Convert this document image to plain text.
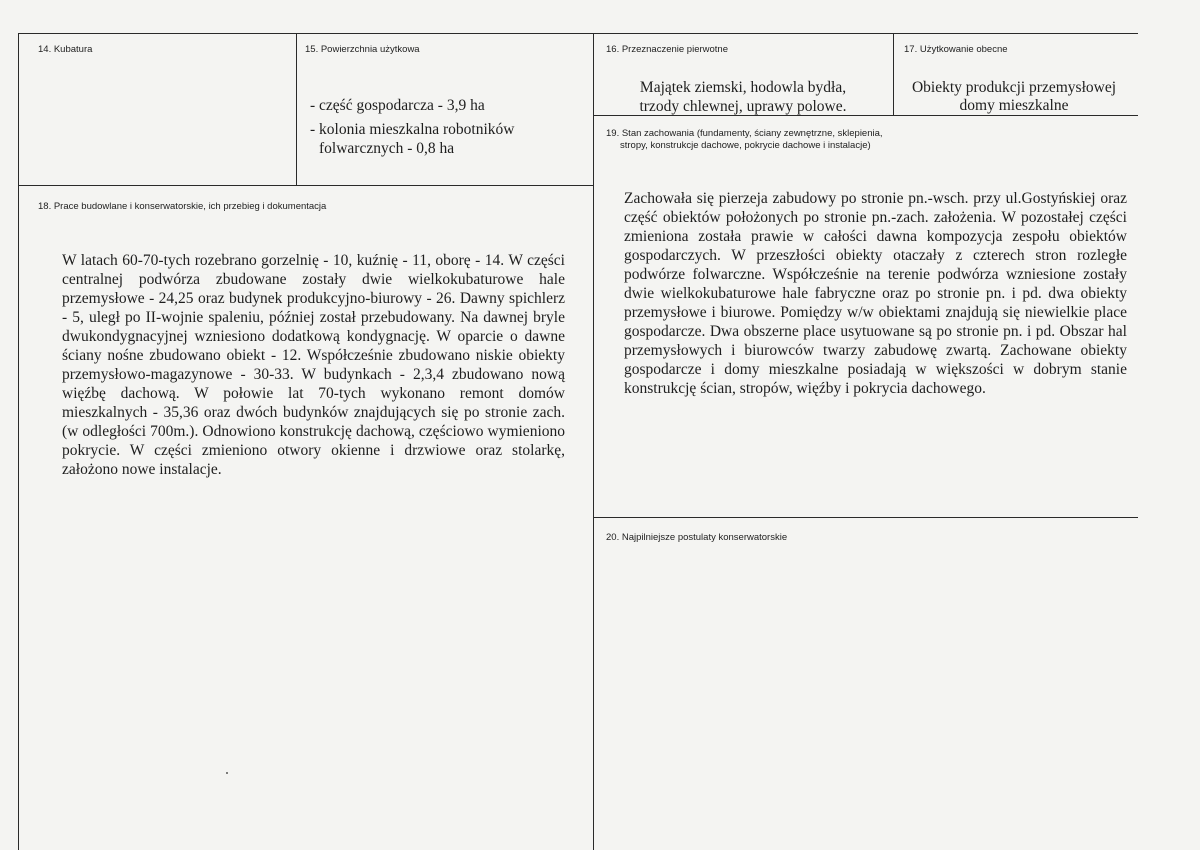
14. Kubatura	15. Powierzchnia użytkowa
- część gospodarcza - 3,9 ha
- kolonia mieszkalna robotników
folwarcznych - 0,8 ha
16. Przeznaczenie pierwotne
Majątek ziemski, hodowla bydła,
trzody chlewnej, uprawy polowe.
17. Użytkowanie obecne
Obiekty produkcji przemysłowej
domy mieszkalne
19. Stan zachowania (fundamenty, ściany zewnętrzne, sklepienia,
stropy, konstrukcje dachowe, pokrycie dachowe i instalacje)
Zachowała się pierzeja zabudowy po stronie pn.-wsch. przy ul.Gostyńskiej oraz część obiektów położonych po stronie pn.-zach. założenia. W pozostałej części zmieniona została prawie w całości dawna kompozycja zespołu obiektów gospodarczych. W przeszłości obiekty otaczały z czterech stron rozległe podwórze folwarczne. Współcześnie na terenie podwórza wzniesione zostały dwie wielkokubaturowe hale fabryczne oraz po stronie pn. i pd. dwa obiekty przemysłowe i biurowe. Pomiędzy w/w obiektami znajdują się niewielkie place gospodarcze. Dwa obszerne place usytuowane są po stronie pn. i pd. Obszar hal przemysłowych i biurowców twarzy zabudowę zwartą. Zachowane obiekty gospodarcze i domy mieszkalne posiadają w większości w dobrym stanie konstrukcję ścian, stropów, więźby i pokrycia dachowego.
18. Prace budowlane i konserwatorskie, ich przebieg i dokumentacja
W latach 60-70-tych rozebrano gorzelnię - 10, kuźnię - 11, oborę - 14. W części centralnej podwórza zbudowane zostały dwie wielkokubaturowe hale przemysłowe - 24,25 oraz budynek produkcyjno-biurowy - 26. Dawny spichlerz - 5, uległ po II-wojnie spaleniu, później został przebudowany. Na dawnej bryle dwukondygnacyjnej wzniesiono dodatkową kondygnację. W oparcie o dawne ściany nośne zbudowano obiekt - 12. Współcześnie zbudowano niskie obiekty przemysłowo-magazynowe - 30-33. W budynkach - 2,3,4 zbudowano nową więźbę dachową. W połowie lat 70-tych wykonano remont domów mieszkalnych - 35,36 oraz dwóch budynków znajdujących się po stronie zach. (w odległości 700m.). Odnowiono konstrukcję dachową, częściowo wymieniono pokrycie. W części zmieniono otwory okienne i drzwiowe oraz stolarkę, założono nowe instalacje.
20. Najpilniejsze postulaty konserwatorskie
